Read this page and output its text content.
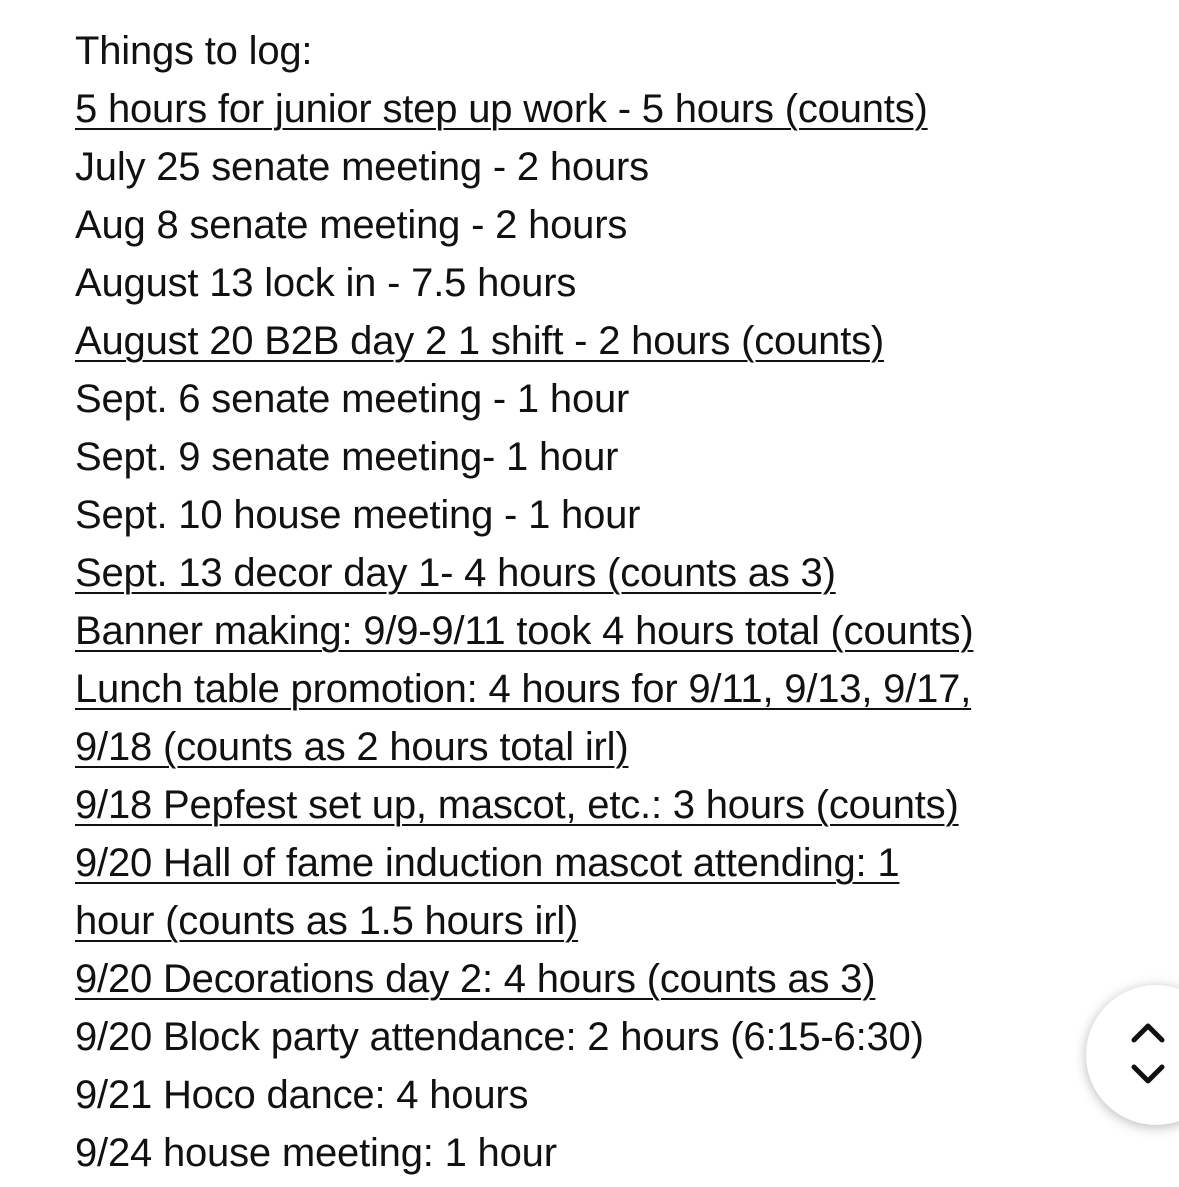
Things to log:
5 hours for junior step up work - 5 hours (counts)
July 25 senate meeting - 2 hours
Aug 8 senate meeting - 2 hours
August 13 lock in - 7.5 hours
August 20 B2B day 2 1 shift - 2 hours (counts)
Sept. 6 senate meeting - 1 hour
Sept. 9 senate meeting- 1 hour
Sept. 10 house meeting - 1 hour
Sept. 13 decor day 1- 4 hours (counts as 3)
Banner making: 9/9-9/11 took 4 hours total (counts)
Lunch table promotion: 4 hours for 9/11, 9/13, 9/17,
9/18 (counts as 2 hours total irl)
9/18 Pepfest set up, mascot, etc.: 3 hours (counts)
9/20 Hall of fame induction mascot attending: 1
hour (counts as 1.5 hours irl)
9/20 Decorations day 2: 4 hours (counts as 3)
9/20 Block party attendance: 2 hours (6:15-6:30)
9/21 Hoco dance: 4 hours
9/24 house meeting: 1 hour
